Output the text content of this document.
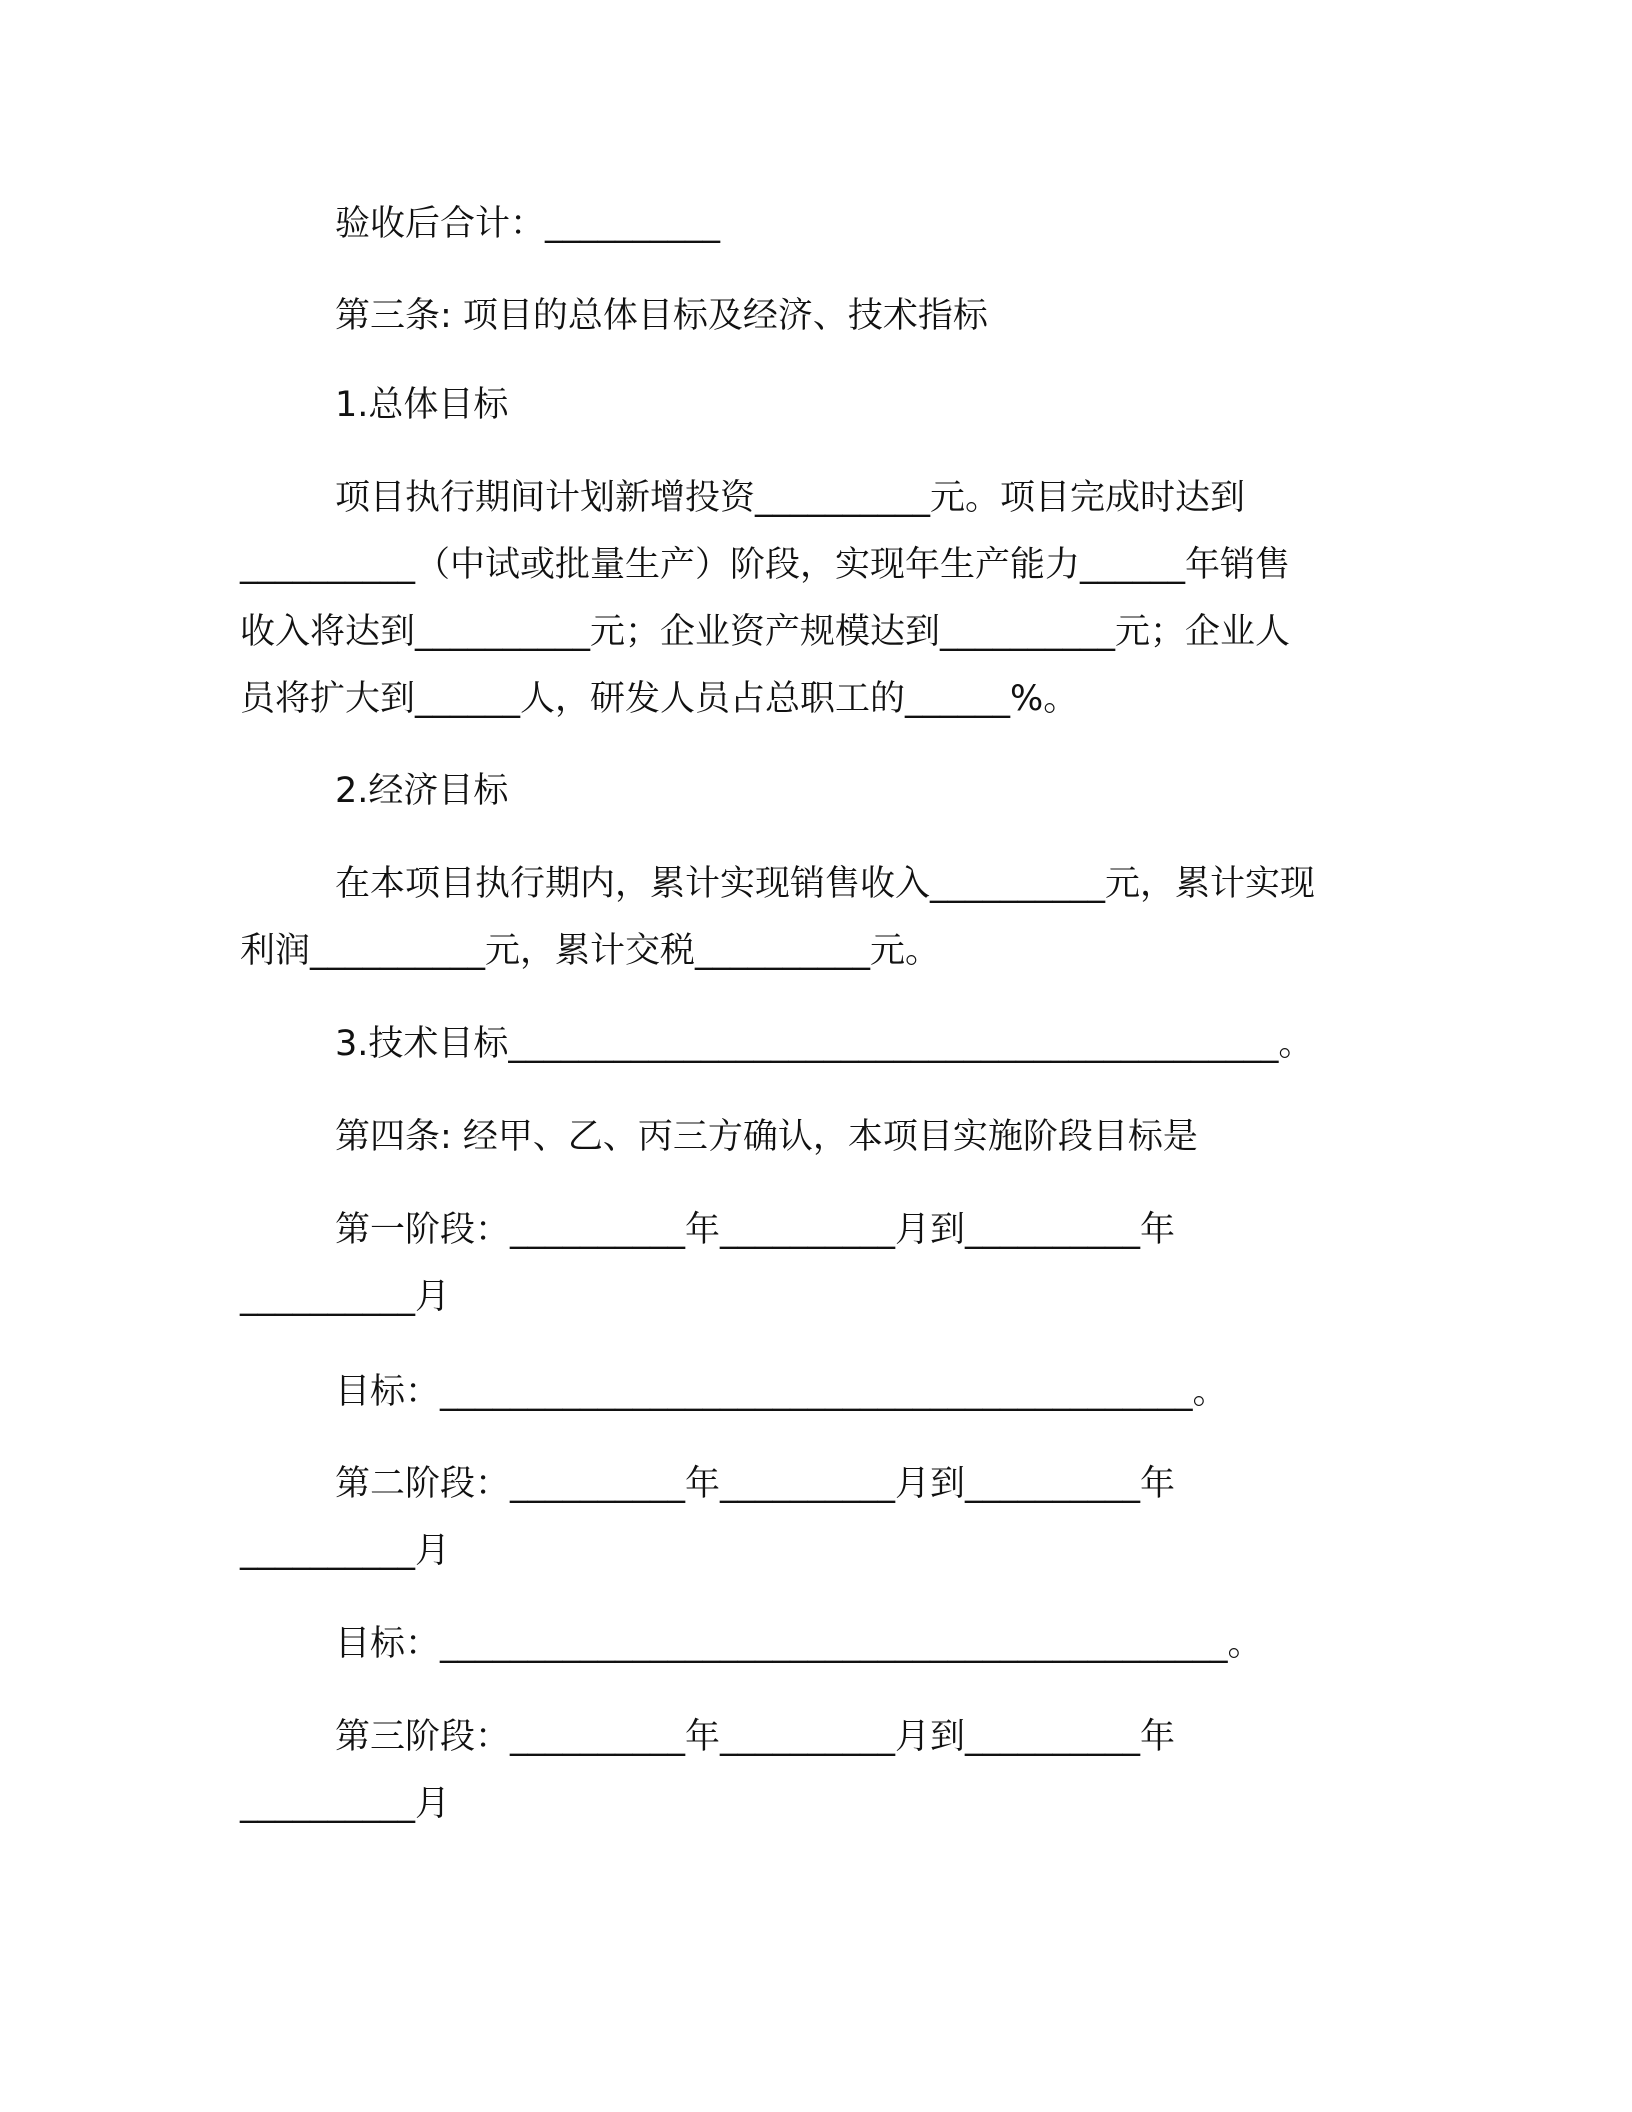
验收后合计：__________
第三条: 项目的总体目标及经济、技术指标
1.总体目标
项目执行期间计划新增投资__________元。项目完成时达到
__________（中试或批量生产）阶段，实现年生产能力______年销售
收入将达到__________元；企业资产规模达到__________元；企业人
员将扩大到______人，研发人员占总职工的______%。
2.经济目标
在本项目执行期内，累计实现销售收入__________元，累计实现
利润__________元，累计交税__________元。
3.技术目标____________________________________________。
第四条: 经甲、乙、丙三方确认，本项目实施阶段目标是
第一阶段：__________年__________月到__________年
__________月
目标：___________________________________________。
第二阶段：__________年__________月到__________年
__________月
目标：_____________________________________________。
第三阶段：__________年__________月到__________年
__________月
